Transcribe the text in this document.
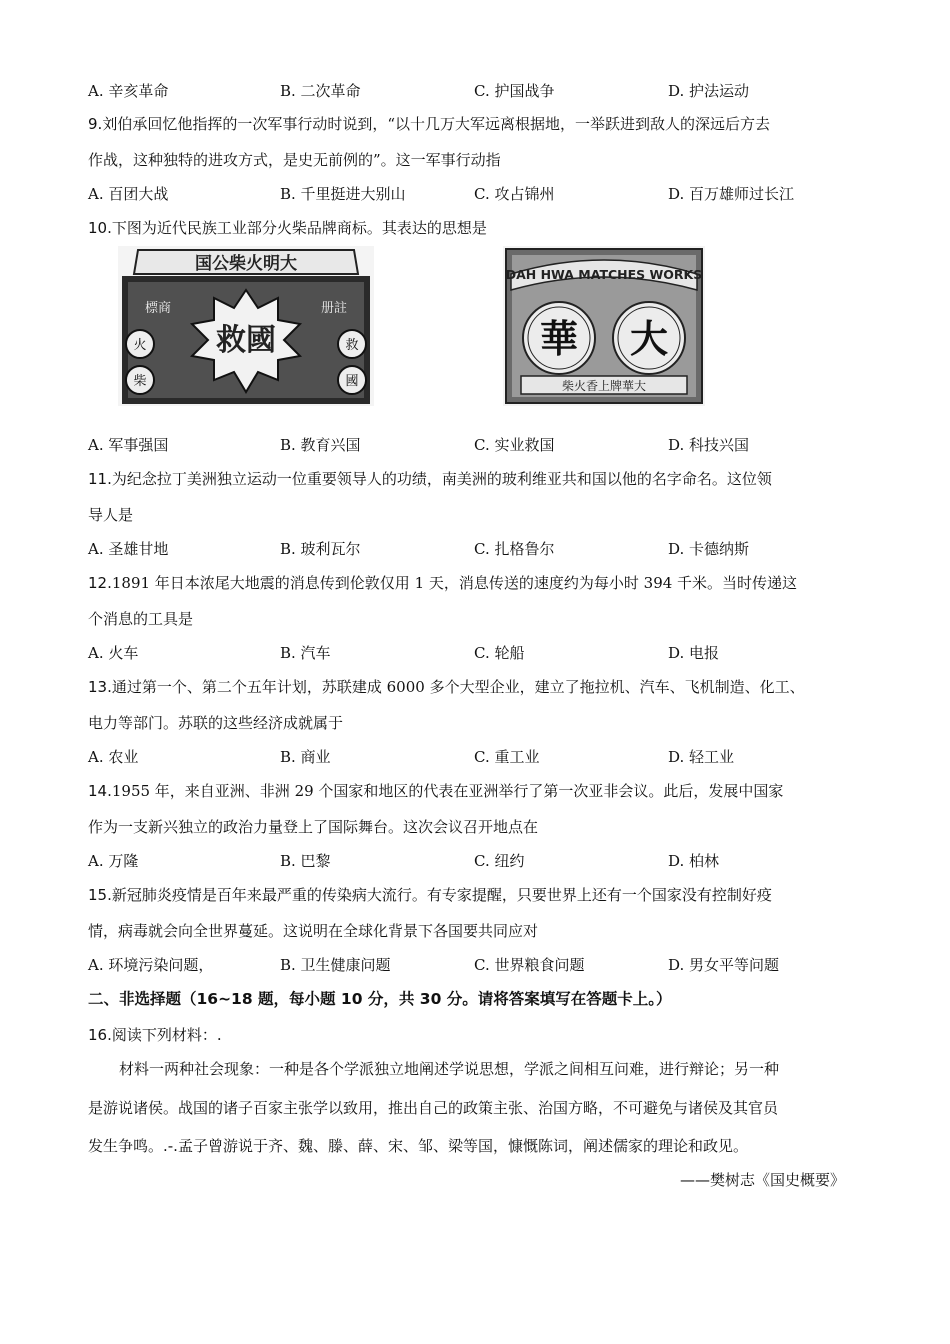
A. 辛亥革命	B. 二次革命	C. 护国战争	D. 护法运动
9.刘伯承回忆他指挥的一次军事行动时说到，“以十几万大军远离根据地，一举跃进到敌人的深远后方去
作战，这种独特的进攻方式，是史无前例的”。这一军事行动指
A. 百团大战	B. 千里挺进大别山	C. 攻占锦州	D. 百万雄师过长江
10.下图为近代民族工业部分火柴品牌商标。其表达的思想是
国公柴火明大
救國
標商	册註
火
柴
救
國
DAH HWA MATCHES WORKS
華 大
柴火香上牌華大
A. 军事强国	B. 教育兴国	C. 实业救国	D. 科技兴国
11.为纪念拉丁美洲独立运动一位重要领导人的功绩，南美洲的玻利维亚共和国以他的名字命名。这位领
导人是
A. 圣雄甘地	B. 玻利瓦尔	C. 扎格鲁尔	D. 卡德纳斯
12.1891 年日本浓尾大地震的消息传到伦敦仅用 1 天，消息传送的速度约为每小时 394 千米。当时传递这
个消息的工具是
A. 火车	B. 汽车	C. 轮船	D. 电报
13.通过第一个、第二个五年计划，苏联建成 6000 多个大型企业，建立了拖拉机、汽车、飞机制造、化工、
电力等部门。苏联的这些经济成就属于
A. 农业	B. 商业	C. 重工业	D. 轻工业
14.1955 年，来自亚洲、非洲 29 个国家和地区的代表在亚洲举行了第一次亚非会议。此后，发展中国家
作为一支新兴独立的政治力量登上了国际舞台。这次会议召开地点在
A. 万隆	B. 巴黎	C. 纽约	D. 柏林
15.新冠肺炎疫情是百年来最严重的传染病大流行。有专家提醒，只要世界上还有一个国家没有控制好疫
情，病毒就会向全世界蔓延。这说明在全球化背景下各国要共同应对
A. 环境污染问题，	B. 卫生健康问题	C. 世界粮食问题	D. 男女平等问题
二、非选择题（16~18 题，每小题 10 分，共 30 分。请将答案填写在答题卡上。）
16.阅读下列材料：.
材料一两种社会现象：一种是各个学派独立地阐述学说思想，学派之间相互问难，进行辩论；另一种
是游说诸侯。战国的诸子百家主张学以致用，推出自己的政策主张、治国方略，不可避免与诸侯及其官员
发生争鸣。.-.孟子曾游说于齐、魏、滕、薛、宋、邹、梁等国，慷慨陈词，阐述儒家的理论和政见。
——樊树志《国史概要》
